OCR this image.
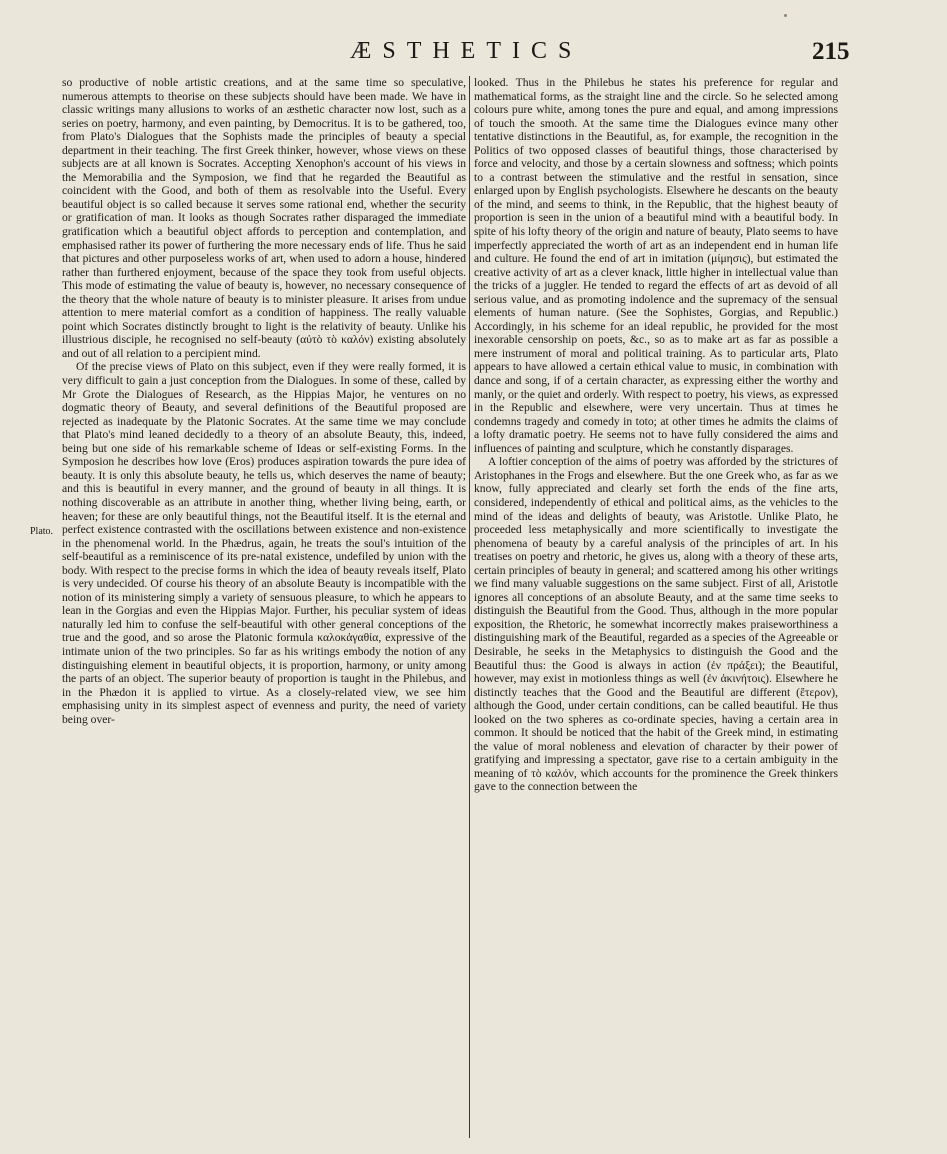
ÆSTHETICS	215
Plato.

so productive of noble artistic creations, and at the same time so speculative, numerous attempts to theorise on these subjects should have been made. We have in classic writings many allusions to works of an æsthetic character now lost, such as a series on poetry, harmony, and even painting, by Democritus. It is to be gathered, too, from Plato's Dialogues that the Sophists made the principles of beauty a special department in their teaching. The first Greek thinker, however, whose views on these subjects are at all known is Socrates. Accepting Xenophon's account of his views in the Memorabilia and the Symposion, we find that he regarded the Beautiful as coincident with the Good, and both of them as resolvable into the Useful. Every beautiful object is so called because it serves some rational end, whether the security or gratification of man. It looks as though Socrates rather disparaged the immediate gratification which a beautiful object affords to perception and contemplation, and emphasised rather its power of furthering the more necessary ends of life. Thus he said that pictures and other purposeless works of art, when used to adorn a house, hindered rather than furthered enjoyment, because of the space they took from useful objects. This mode of estimating the value of beauty is, however, no necessary consequence of the theory that the whole nature of beauty is to minister pleasure. It arises from undue attention to mere material comfort as a condition of happiness. The really valuable point which Socrates distinctly brought to light is the relativity of beauty. Unlike his illustrious disciple, he recognised no self-beauty (αὐτὸ τὸ καλόν) existing absolutely and out of all relation to a percipient mind.

Of the precise views of Plato on this subject, even if they were really formed, it is very difficult to gain a just conception from the Dialogues. In some of these, called by Mr Grote the Dialogues of Research, as the Hippias Major, he ventures on no dogmatic theory of Beauty, and several definitions of the Beautiful proposed are rejected as inadequate by the Platonic Socrates. At the same time we may conclude that Plato's mind leaned decidedly to a theory of an absolute Beauty, this, indeed, being but one side of his remarkable scheme of Ideas or self-existing Forms. In the Symposion he describes how love (Eros) produces aspiration towards the pure idea of beauty. It is only this absolute beauty, he tells us, which deserves the name of beauty; and this is beautiful in every manner, and the ground of beauty in all things. It is nothing discoverable as an attribute in another thing, whether living being, earth, or heaven; for these are only beautiful things, not the Beautiful itself. It is the eternal and perfect existence contrasted with the oscillations between existence and non-existence in the phenomenal world. In the Phædrus, again, he treats the soul's intuition of the self-beautiful as a reminiscence of its pre-natal existence, undefiled by union with the body. With respect to the precise forms in which the idea of beauty reveals itself, Plato is very undecided. Of course his theory of an absolute Beauty is incompatible with the notion of its ministering simply a variety of sensuous pleasure, to which he appears to lean in the Gorgias and even the Hippias Major. Further, his peculiar system of ideas naturally led him to confuse the self-beautiful with other general conceptions of the true and the good, and so arose the Platonic formula καλοκἀγαθία, expressive of the intimate union of the two principles. So far as his writings embody the notion of any distinguishing element in beautiful objects, it is proportion, harmony, or unity among the parts of an object. The superior beauty of proportion is taught in the Philebus, and in the Phædon it is applied to virtue. As a closely-related view, we see him emphasising unity in its simplest aspect of evenness and purity, the need of variety being over-

looked. Thus in the Philebus he states his preference for regular and mathematical forms, as the straight line and the circle. So he selected among colours pure white, among tones the pure and equal, and among impressions of touch the smooth. At the same time the Dialogues evince many other tentative distinctions in the Beautiful, as, for example, the recognition in the Politics of two opposed classes of beautiful things, those characterised by force and velocity, and those by a certain slowness and softness; which points to a contrast between the stimulative and the restful in sensation, since enlarged upon by English psychologists. Elsewhere he descants on the beauty of the mind, and seems to think, in the Republic, that the highest beauty of proportion is seen in the union of a beautiful mind with a beautiful body. In spite of his lofty theory of the origin and nature of beauty, Plato seems to have imperfectly appreciated the worth of art as an independent end in human life and culture. He found the end of art in imitation (μίμησις), but estimated the creative activity of art as a clever knack, little higher in intellectual value than the tricks of a juggler. He tended to regard the effects of art as devoid of all serious value, and as promoting indolence and the supremacy of the sensual elements of human nature. (See the Sophistes, Gorgias, and Republic.) Accordingly, in his scheme for an ideal republic, he provided for the most inexorable censorship on poets, &c., so as to make art as far as possible a mere instrument of moral and political training. As to particular arts, Plato appears to have allowed a certain ethical value to music, in combination with dance and song, if of a certain character, as expressing either the worthy and manly, or the quiet and orderly. With respect to poetry, his views, as expressed in the Republic and elsewhere, were very uncertain. Thus at times he condemns tragedy and comedy in toto; at other times he admits the claims of a lofty dramatic poetry. He seems not to have fully considered the aims and influences of painting and sculpture, which he constantly disparages.

A loftier conception of the aims of poetry was afforded by the strictures of Aristophanes in the Frogs and elsewhere. But the one Greek who, as far as we know, fully appreciated and clearly set forth the ends of the fine arts, considered, independently of ethical and political aims, as the vehicles to the mind of the ideas and delights of beauty, was Aristotle. Unlike Plato, he proceeded less metaphysically and more scientifically to investigate the phenomena of beauty by a careful analysis of the principles of art. In his treatises on poetry and rhetoric, he gives us, along with a theory of these arts, certain principles of beauty in general; and scattered among his other writings we find many valuable suggestions on the same subject. First of all, Aristotle ignores all conceptions of an absolute Beauty, and at the same time seeks to distinguish the Beautiful from the Good. Thus, although in the more popular exposition, the Rhetoric, he somewhat incorrectly makes praiseworthiness a distinguishing mark of the Beautiful, regarded as a species of the Agreeable or Desirable, he seeks in the Metaphysics to distinguish the Good and the Beautiful thus: the Good is always in action (ἐν πράξει); the Beautiful, however, may exist in motionless things as well (ἐν ἀκινήτοις). Elsewhere he distinctly teaches that the Good and the Beautiful are different (ἕτερον), although the Good, under certain conditions, can be called beautiful. He thus looked on the two spheres as co-ordinate species, having a certain area in common. It should be noticed that the habit of the Greek mind, in estimating the value of moral nobleness and elevation of character by their power of gratifying and impressing a spectator, gave rise to a certain ambiguity in the meaning of τὸ καλόν, which accounts for the prominence the Greek thinkers gave to the connection between the
